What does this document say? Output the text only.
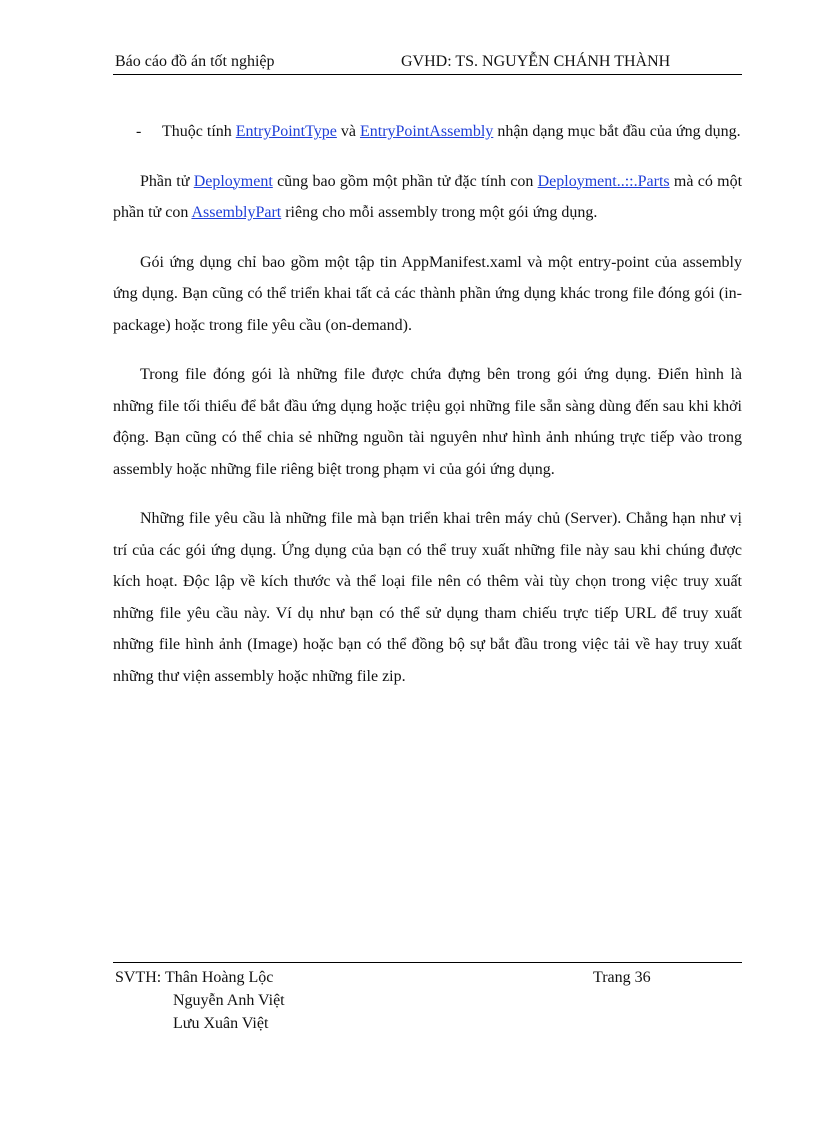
Báo cáo đồ án tốt nghiệp	GVHD: TS. NGUYỄN CHÁNH THÀNH
- Thuộc tính EntryPointType và EntryPointAssembly nhận dạng mục bắt đầu của ứng dụng.

Phần tử Deployment cũng bao gồm một phần tử đặc tính con Deployment..::.Parts mà có một phần tử con AssemblyPart riêng cho mỗi assembly trong một gói ứng dụng.

Gói ứng dụng chỉ bao gồm một tập tin AppManifest.xaml và một entry-point của assembly ứng dụng. Bạn cũng có thể triển khai tất cả các thành phần ứng dụng khác trong file đóng gói (in-package) hoặc trong file yêu cầu (on-demand).

Trong file đóng gói là những file được chứa đựng bên trong gói ứng dụng. Điển hình là những file tối thiểu để bắt đầu ứng dụng hoặc triệu gọi những file sẵn sàng dùng đến sau khi khởi động. Bạn cũng có thể chia sẻ những nguồn tài nguyên như hình ảnh nhúng trực tiếp vào trong assembly hoặc những file riêng biệt trong phạm vi của gói ứng dụng.

Những file yêu cầu là những file mà bạn triển khai trên máy chủ (Server). Chẳng hạn như vị trí của các gói ứng dụng. Ứng dụng của bạn có thể truy xuất những file này sau khi chúng được kích hoạt. Độc lập về kích thước và thể loại file nên có thêm vài tùy chọn trong việc truy xuất những file yêu cầu này. Ví dụ như bạn có thể sử dụng tham chiếu trực tiếp URL để truy xuất những file hình ảnh (Image) hoặc bạn có thể đồng bộ sự bắt đầu trong việc tải về hay truy xuất những thư viện assembly hoặc những file zip.

SVTH: Thân Hoàng Lộc	Trang 36
Nguyễn Anh Việt
Lưu Xuân Việt
